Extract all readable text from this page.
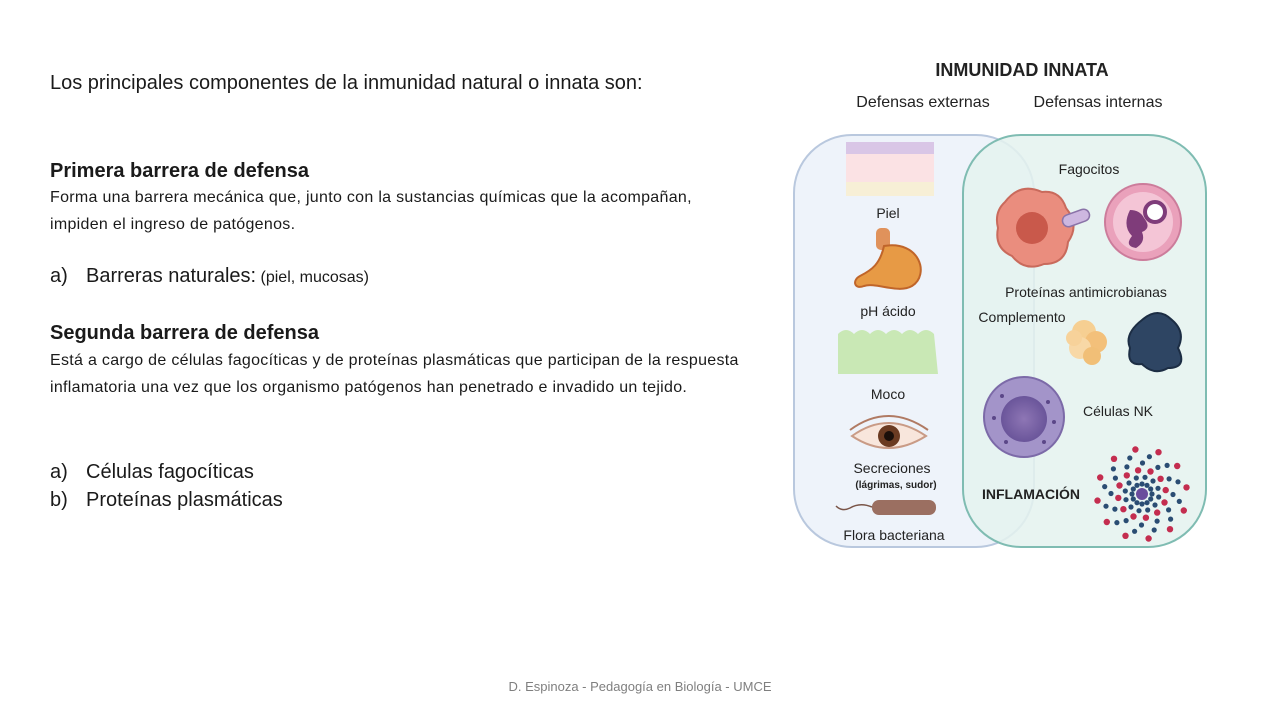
Los principales componentes de la inmunidad natural o innata son:
Primera barrera de defensa
Forma una barrera mecánica que, junto con la sustancias químicas que la acompañan, impiden el ingreso de patógenos.
a) Barreras naturales: (piel, mucosas)
Segunda barrera de defensa
Está a cargo de células fagocíticas y de proteínas plasmáticas que participan de la respuesta inflamatoria una vez que los organismo patógenos han penetrado e invadido un tejido.
a) Células fagocíticas
b) Proteínas plasmáticas
INMUNIDAD INNATA
Defensas externas	Defensas internas
Piel
pH ácido
Moco
Secreciones
(lágrimas, sudor)
Flora bacteriana
Fagocitos
Proteínas antimicrobianas
Complemento
Células NK
INFLAMACIÓN
D. Espinoza - Pedagogía en Biología - UMCE
